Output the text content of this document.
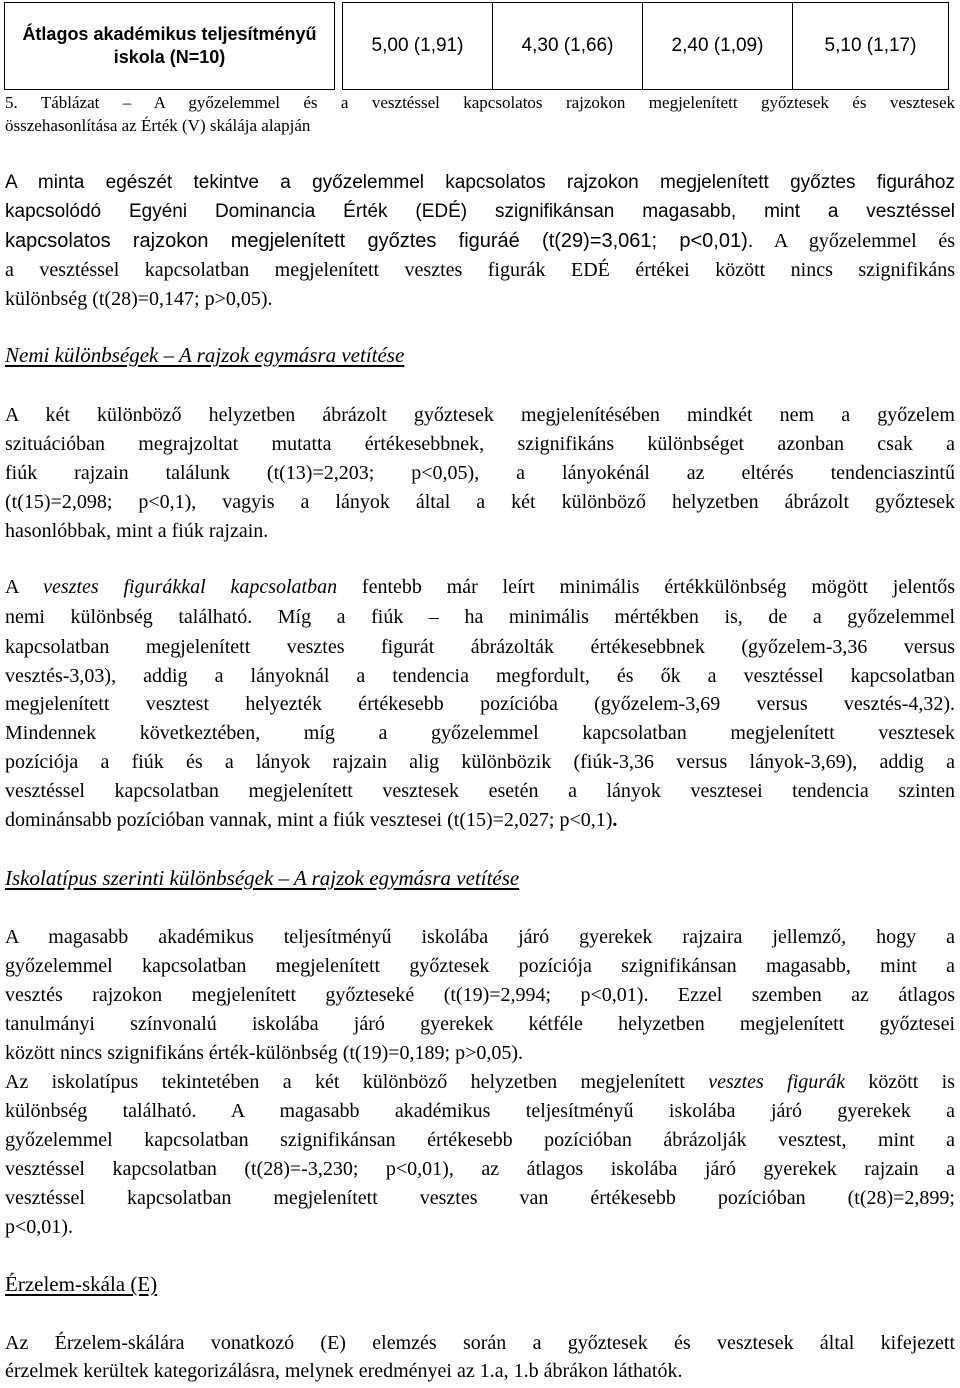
Átlagos akadémikus teljesítményű iskola (N=10)		5,00 (1,91)	4,30 (1,66)	2,40 (1,09)	5,10 (1,17)
5. Táblázat – A győzelemmel és a vesztéssel kapcsolatos rajzokon megjelenített győztesek és vesztesek
összehasonlítása az Érték (V) skálája alapján
A minta egészét tekintve a győzelemmel kapcsolatos rajzokon megjelenített győztes figurához
kapcsolódó Egyéni Dominancia Érték (EDÉ) szignifikánsan magasabb, mint a vesztéssel
kapcsolatos rajzokon megjelenített győztes figuráé (t(29)=3,061; p<0,01). A győzelemmel és
a vesztéssel kapcsolatban megjelenített vesztes figurák EDÉ értékei között nincs szignifikáns
különbség (t(28)=0,147; p>0,05).
Nemi különbségek – A rajzok egymásra vetítése
A két különböző helyzetben ábrázolt győztesek megjelenítésében mindkét nem a győzelem
szituációban megrajzoltat mutatta értékesebbnek, szignifikáns különbséget azonban csak a
fiúk rajzain találunk (t(13)=2,203; p<0,05), a lányokénál az eltérés tendenciaszintű
(t(15)=2,098; p<0,1), vagyis a lányok által a két különböző helyzetben ábrázolt győztesek
hasonlóbbak, mint a fiúk rajzain.
A vesztes figurákkal kapcsolatban fentebb már leírt minimális értékkülönbség mögött jelentős
nemi különbség található. Míg a fiúk – ha minimális mértékben is, de a győzelemmel
kapcsolatban megjelenített vesztes figurát ábrázolták értékesebbnek (győzelem-3,36 versus
vesztés-3,03), addig a lányoknál a tendencia megfordult, és ők a vesztéssel kapcsolatban
megjelenített vesztest helyezték értékesebb pozícióba (győzelem-3,69 versus vesztés-4,32).
Mindennek következtében, míg a győzelemmel kapcsolatban megjelenített vesztesek
pozíciója a fiúk és a lányok rajzain alig különbözik (fiúk-3,36 versus lányok-3,69), addig a
vesztéssel kapcsolatban megjelenített vesztesek esetén a lányok vesztesei tendencia szinten
dominánsabb pozícióban vannak, mint a fiúk vesztesei (t(15)=2,027; p<0,1).
Iskolatípus szerinti különbségek – A rajzok egymásra vetítése
A magasabb akadémikus teljesítményű iskolába járó gyerekek rajzaira jellemző, hogy a
győzelemmel kapcsolatban megjelenített győztesek pozíciója szignifikánsan magasabb, mint a
vesztés rajzokon megjelenített győzteseké (t(19)=2,994; p<0,01). Ezzel szemben az átlagos
tanulmányi színvonalú iskolába járó gyerekek kétféle helyzetben megjelenített győztesei
között nincs szignifikáns érték-különbség (t(19)=0,189; p>0,05).
Az iskolatípus tekintetében a két különböző helyzetben megjelenített vesztes figurák között is
különbség található. A magasabb akadémikus teljesítményű iskolába járó gyerekek a
győzelemmel kapcsolatban szignifikánsan értékesebb pozícióban ábrázolják vesztest, mint a
vesztéssel kapcsolatban (t(28)=-3,230; p<0,01), az átlagos iskolába járó gyerekek rajzain a
vesztéssel kapcsolatban megjelenített vesztes van értékesebb pozícióban (t(28)=2,899;
p<0,01).
Érzelem-skála (E)
Az Érzelem-skálára vonatkozó (E) elemzés során a győztesek és vesztesek által kifejezett
érzelmek kerültek kategorizálásra, melynek eredményei az 1.a, 1.b ábrákon láthatók.
